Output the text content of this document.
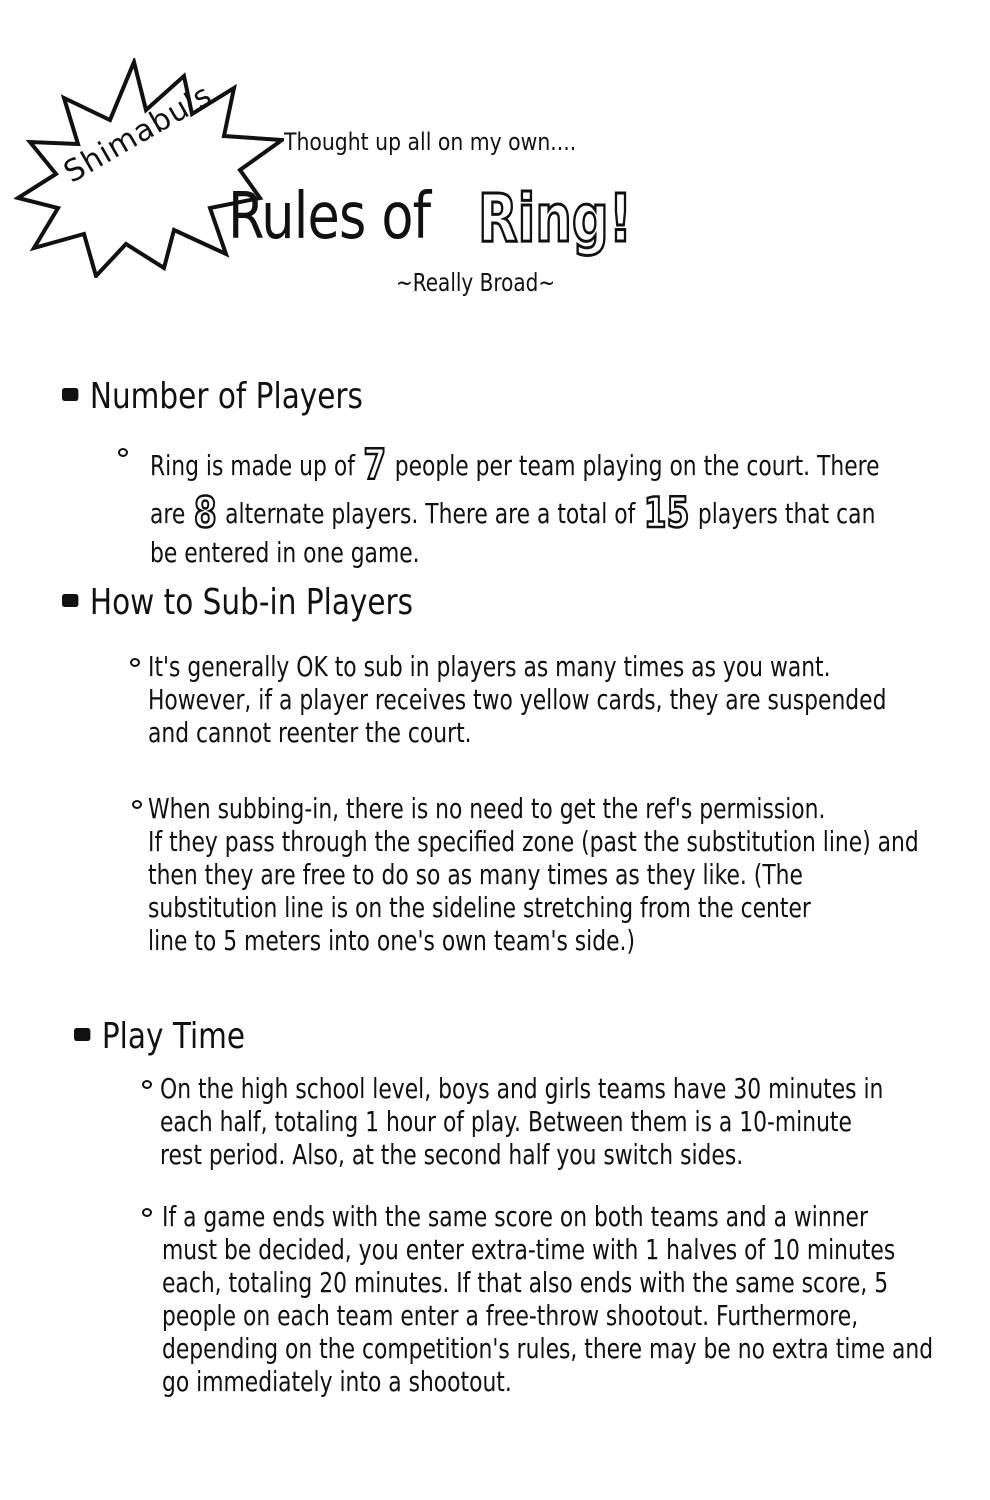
Shimabu's	Thought up all on my own....
Rules of Ring!
~Really Broad~
Number of Players
Ring is made up of 7 people per team playing on the court. There
are 8 alternate players. There are a total of 15 players that can
be entered in one game.
How to Sub-in Players
It's generally OK to sub in players as many times as you want.
However, if a player receives two yellow cards, they are suspended
and cannot reenter the court.
When subbing-in, there is no need to get the ref's permission.
If they pass through the specified zone (past the substitution line) and
then they are free to do so as many times as they like. (The
substitution line is on the sideline stretching from the center
line to 5 meters into one's own team's side.)
Play Time
On the high school level, boys and girls teams have 30 minutes in
each half, totaling 1 hour of play. Between them is a 10-minute
rest period. Also, at the second half you switch sides.
If a game ends with the same score on both teams and a winner
must be decided, you enter extra-time with 1 halves of 10 minutes
each, totaling 20 minutes. If that also ends with the same score, 5
people on each team enter a free-throw shootout. Furthermore,
depending on the competition's rules, there may be no extra time and
go immediately into a shootout.
